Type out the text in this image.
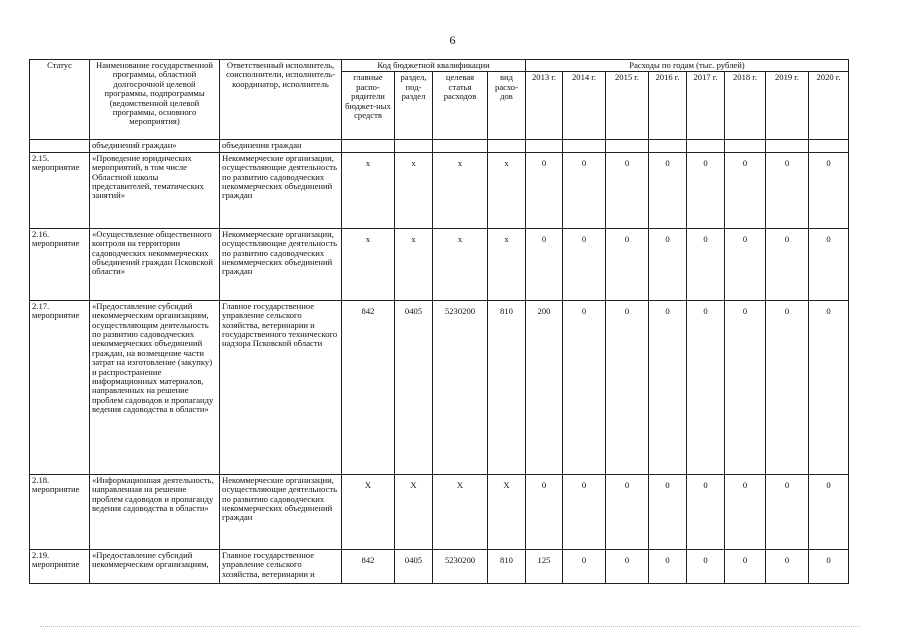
6
Статус	Наименование государственной программы, областной долгосрочной целевой программы, подпрограммы (ведомственной целевой программы, основного мероприятия)	Ответственный исполнитель, соисполнители, исполнитель-координатор, исполнитель	Код бюджетной квалификации				Расходы по годам (тыс. рублей)							
			главные распо-рядители бюджет-ных средств	раздел, под-раздел	целевая статья расходов	вид расхо-дов	2013 г.	2014 г.	2015 г.	2016 г.	2017 г.	2018 г.	2019 г.	2020 г.
	объединений граждан»	объединения граждан												
2.15. мероприятие	«Проведение юридических мероприятий, в том числе Областной школы представителей, тематических занятий»	Некоммерческие организации, осуществляющие деятельность по развитию садоводческих некоммерческих объединений граждан	х	х	х	х	0	0	0	0	0	0	0	0
2.16. мероприятие	«Осуществление общественного контроля на территории садоводческих некоммерческих объединений граждан Псковской области»	Некоммерческие организации, осуществляющие деятельность по развитию садоводческих некоммерческих объединений граждан	х	х	х	х	0	0	0	0	0	0	0	0
2.17. мероприятие	«Предоставление субсидий некоммерческим организациям, осуществляющим деятельность по развитию садоводческих некоммерческих объединений граждан, на возмещение части затрат на изготовление (закупку) и распространение информационных материалов, направленных на решение проблем садоводов и пропаганду ведения садоводства в области»	Главное государственное управление сельского хозяйства, ветеринарии и государственного технического надзора Псковской области	842	0405	5230200	810	200	0	0	0	0	0	0	0
2.18. мероприятие	«Информационная деятельность, направленная на решение проблем садоводов и пропаганду ведения садоводства в области»	Некоммерческие организации, осуществляющие деятельность по развитию садоводческих некоммерческих объединений граждан	Х	Х	Х	Х	0	0	0	0	0	0	0	0
2.19. мероприятие	«Предоставление субсидий некоммерческим организациям,	Главное государственное управление сельского хозяйства, ветеринарии и	842	0405	5230200	810	125	0	0	0	0	0	0	0
